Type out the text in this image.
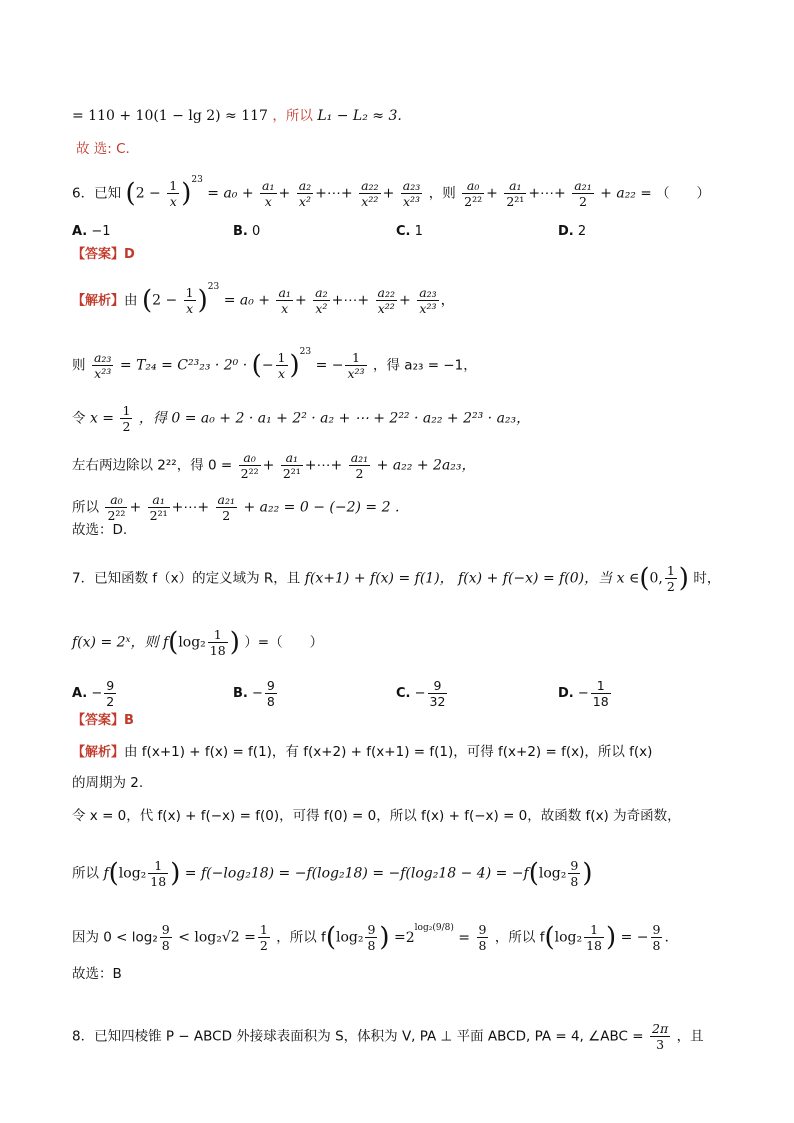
= 110 + 10(1 − lg 2) ≈ 117 ，所以 L₁ − L₂ ≈ 3.
故 选: C.
6．已知 $(2 - \frac{1}{x} )^{23} = a_0 + \frac{\text{a₁}}{x} + \frac{\text{a₂}}{\text{x²}}$ +⋯+ $\frac{\text{a₂₂}}{\text{x²²}} + \frac{\text{a₂₃}}{\text{x²³}}$ ，则 $\frac{\text{a₀}}{\text{2²²}} + \frac{\text{a₁}}{\text{2²¹}}$ +⋯+ $\frac{\text{a₂₁}}{2} + a_{22}$ = （　　）
A. −1	B. 0	C. 1	D. 2
【答案】D
【解析】由 $(2 - \frac{1}{x} )^{23} = a_0 + \frac{\text{a₁}}{x} + \frac{\text{a₂}}{\text{x²}}$ +⋯+ $\frac{\text{a₂₂}}{\text{x²²}} + \frac{\text{a₂₃}}{\text{x²³}}$ ，
则 $\frac{\text{a₂₃}}{\text{x²³}} = T_{24} = C^{23}_{23} \cdot 2^0$ · (− $\frac{1}{x} )^{23}$ = − $\frac{1}{\text{x²³}}$ ，得 a₂₃ = −1，
令 $x = \frac{1}{2}$ ，得 0 = a₀ + 2 · a₁ + 2² · a₂ + ⋯ + 2²² · a₂₂ + 2²³ · a₂₃，
左右两边除以 2²²，得 $0 = \frac{\text{a₀}}{\text{2²²}} + \frac{\text{a₁}}{\text{2²¹}}$ +⋯+ $\frac{\text{a₂₁}}{2} + a_{22} + 2a_{23}$，
所以 $\frac{\text{a₀}}{\text{2²²}} + \frac{\text{a₁}}{\text{2²¹}}$ +⋯+ $\frac{\text{a₂₁}}{2} + a_{22} = 0 - (-2) = 2$ .
故选：D.
7．已知函数 f（x）的定义域为 R，且 f(x+1) + f(x) = f(1)， f(x) + f(−x) = f(0)，当 x ∈(0, $\frac{1}{2}$ ) 时，
f(x) = 2ˣ，则 $f(\log_2 \frac{1}{18}$ ) ）=（　　）
A. − $\frac{9}{2}$	B. − $\frac{9}{8}$	C. − $\frac{9}{32}$	D. − $\frac{1}{18}$
【答案】B
【解析】由 f(x+1) + f(x) = f(1)，有 f(x+2) + f(x+1) = f(1)，可得 f(x+2) = f(x)，所以 f(x)
的周期为 2.
令 x = 0，代 f(x) + f(−x) = f(0)，可得 f(0) = 0，所以 f(x) + f(−x) = 0，故函数 f(x) 为奇函数，
所以 $f(\log_2 \frac{1}{18}$ ) = $f(-\log_218) = -f(\log_218) = -f(\log_218 - 4) = -f(\log_2 \frac{9}{8}$ )
因为 $0 < \log_2 \frac{9}{8} < \log_2√2 = \frac{1}{2}$ ，所以 $f(\log_2 \frac{9}{8}$ ) $=2^{log_2(9/8)} = \frac{9}{8}$ ，所以 $f(\log_2 \frac{1}{18}$ ) = − $\frac{9}{8}$ .
故选：B
8．已知四棱锥 P − ABCD 外接球表面积为 S，体积为 V, PA ⊥ 平面 ABCD, PA = 4, ∠ABC = $\frac{2\pi}{3}$ ，且
